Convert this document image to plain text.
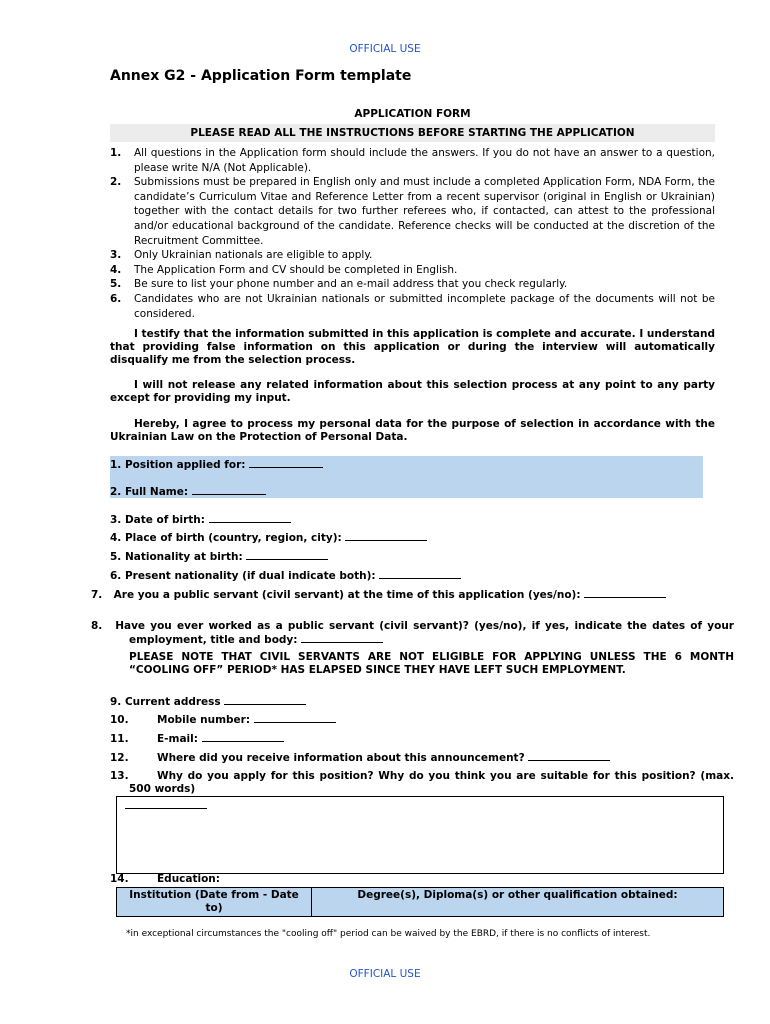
OFFICIAL USE
Annex G2 - Application Form template
APPLICATION FORM
PLEASE READ ALL THE INSTRUCTIONS BEFORE STARTING THE APPLICATION
1. All questions in the Application form should include the answers. If you do not have an answer to a question, please write N/A (Not Applicable).
2. Submissions must be prepared in English only and must include a completed Application Form, NDA Form, the candidate’s Curriculum Vitae and Reference Letter from a recent supervisor (original in English or Ukrainian) together with the contact details for two further referees who, if contacted, can attest to the professional and/or educational background of the candidate. Reference checks will be conducted at the discretion of the Recruitment Committee.
3. Only Ukrainian nationals are eligible to apply.
4. The Application Form and CV should be completed in English.
5. Be sure to list your phone number and an e-mail address that you check regularly.
6. Candidates who are not Ukrainian nationals or submitted incomplete package of the documents will not be considered.

I testify that the information submitted in this application is complete and accurate. I understand that providing false information on this application or during the interview will automatically disqualify me from the selection process.

I will not release any related information about this selection process at any point to any party except for providing my input.

Hereby, I agree to process my personal data for the purpose of selection in accordance with the Ukrainian Law on the Protection of Personal Data.

1. Position applied for:
2. Full Name:
3. Date of birth:
4. Place of birth (country, region, city):
5. Nationality at birth:
6. Present nationality (if dual indicate both):
7. Are you a public servant (civil servant) at the time of this application (yes/no):
8. Have you ever worked as a public servant (civil servant)? (yes/no), if yes, indicate the dates of your employment, title and body:
PLEASE NOTE THAT CIVIL SERVANTS ARE NOT ELIGIBLE FOR APPLYING UNLESS THE 6 MONTH “COOLING OFF” PERIOD* HAS ELAPSED SINCE THEY HAVE LEFT SUCH EMPLOYMENT.
9. Current address
10.	Mobile number:
11.	E-mail:
12.	Where did you receive information about this announcement?
13.	Why do you apply for this position? Why do you think you are suitable for this position? (max. 500 words)
14.	Education:
Institution (Date from - Date to)	Degree(s), Diploma(s) or other qualification obtained:
*in exceptional circumstances the "cooling off" period can be waived by the EBRD, if there is no conflicts of interest.
OFFICIAL USE
